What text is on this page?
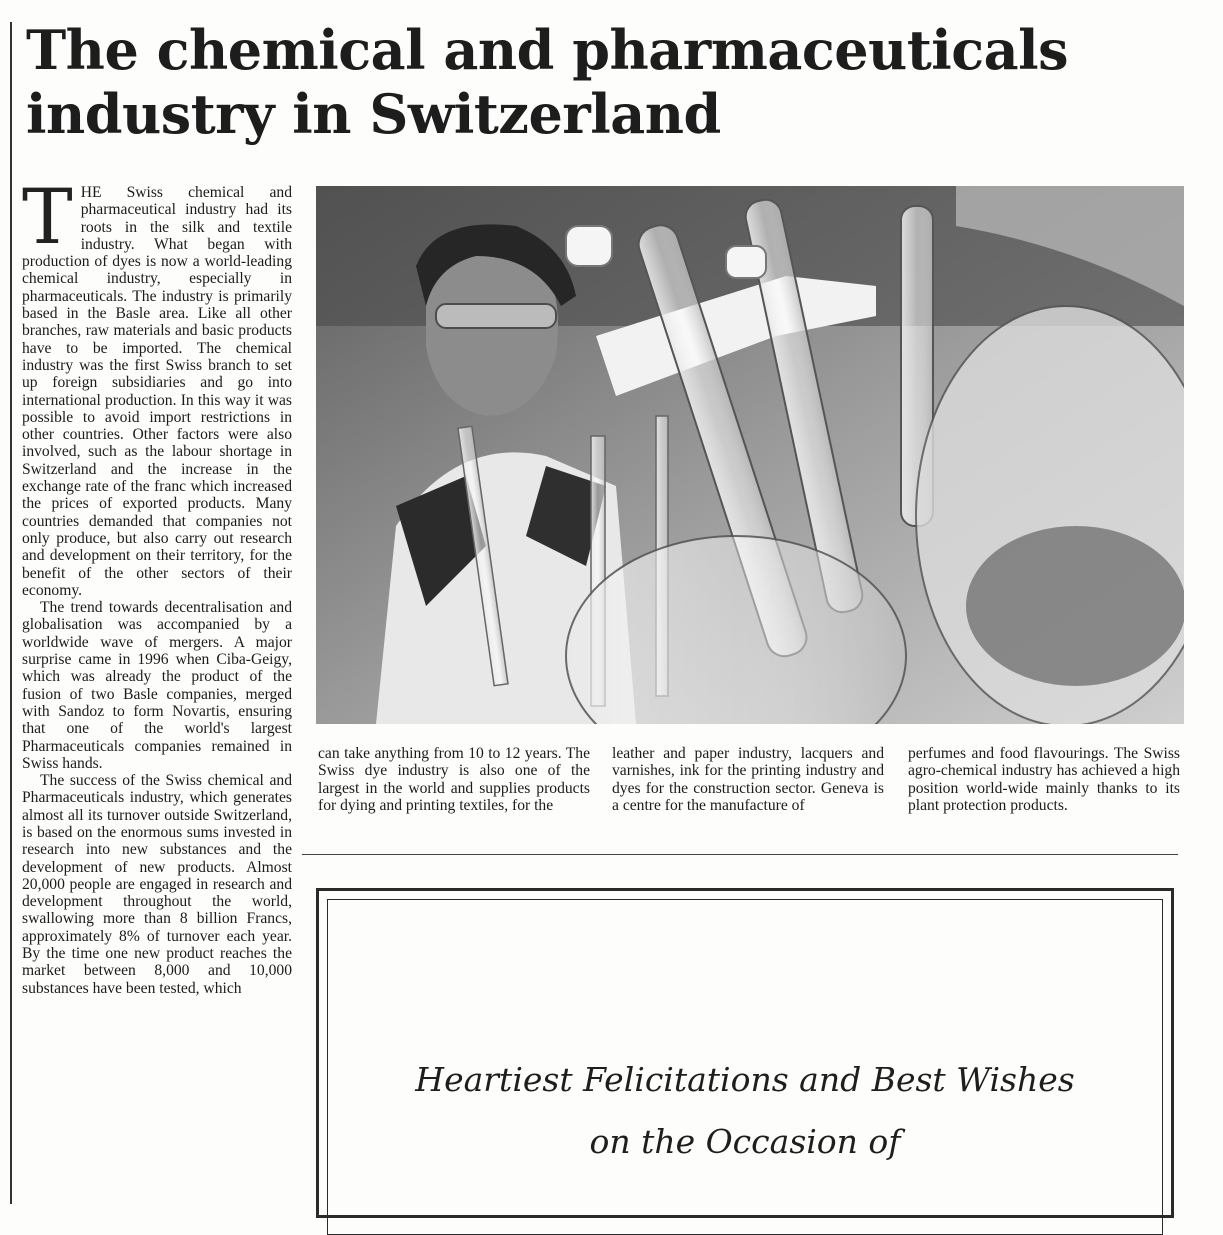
The chemical and pharmaceuticals
industry in Switzerland
T HE Swiss chemical and pharmaceutical industry had its roots in the silk and textile industry. What began with production of dyes is now a world-leading chemical industry, especially in pharmaceuticals. The industry is primarily based in the Basle area. Like all other branches, raw materials and basic products have to be imported. The chemical industry was the first Swiss branch to set up foreign subsidiaries and go into international production. In this way it was possible to avoid import restrictions in other countries. Other factors were also involved, such as the labour shortage in Switzerland and the increase in the exchange rate of the franc which increased the prices of exported products. Many countries demanded that companies not only produce, but also carry out research and development on their territory, for the benefit of the other sectors of their economy.

The trend towards decentralisation and globalisation was accompanied by a worldwide wave of mergers. A major surprise came in 1996 when Ciba-Geigy, which was already the product of the fusion of two Basle companies, merged with Sandoz to form Novartis, ensuring that one of the world's largest Pharmaceuticals companies remained in Swiss hands.

The success of the Swiss chemical and Pharmaceuticals industry, which generates almost all its turnover outside Switzerland, is based on the enormous sums invested in research into new substances and the development of new products. Almost 20,000 people are engaged in research and development throughout the world, swallowing more than 8 billion Francs, approximately 8% of turnover each year. By the time one new product reaches the market between 8,000 and 10,000 substances have been tested, which

can take anything from 10 to 12 years. The Swiss dye industry is also one of the largest in the world and supplies products for dying and printing textiles, for the

leather and paper industry, lacquers and varnishes, ink for the printing industry and dyes for the construction sector. Geneva is a centre for the manufacture of

perfumes and food flavourings. The Swiss agro-chemical industry has achieved a high position world-wide mainly thanks to its plant protection products.

Heartiest Felicitations and Best Wishes

on the Occasion of
